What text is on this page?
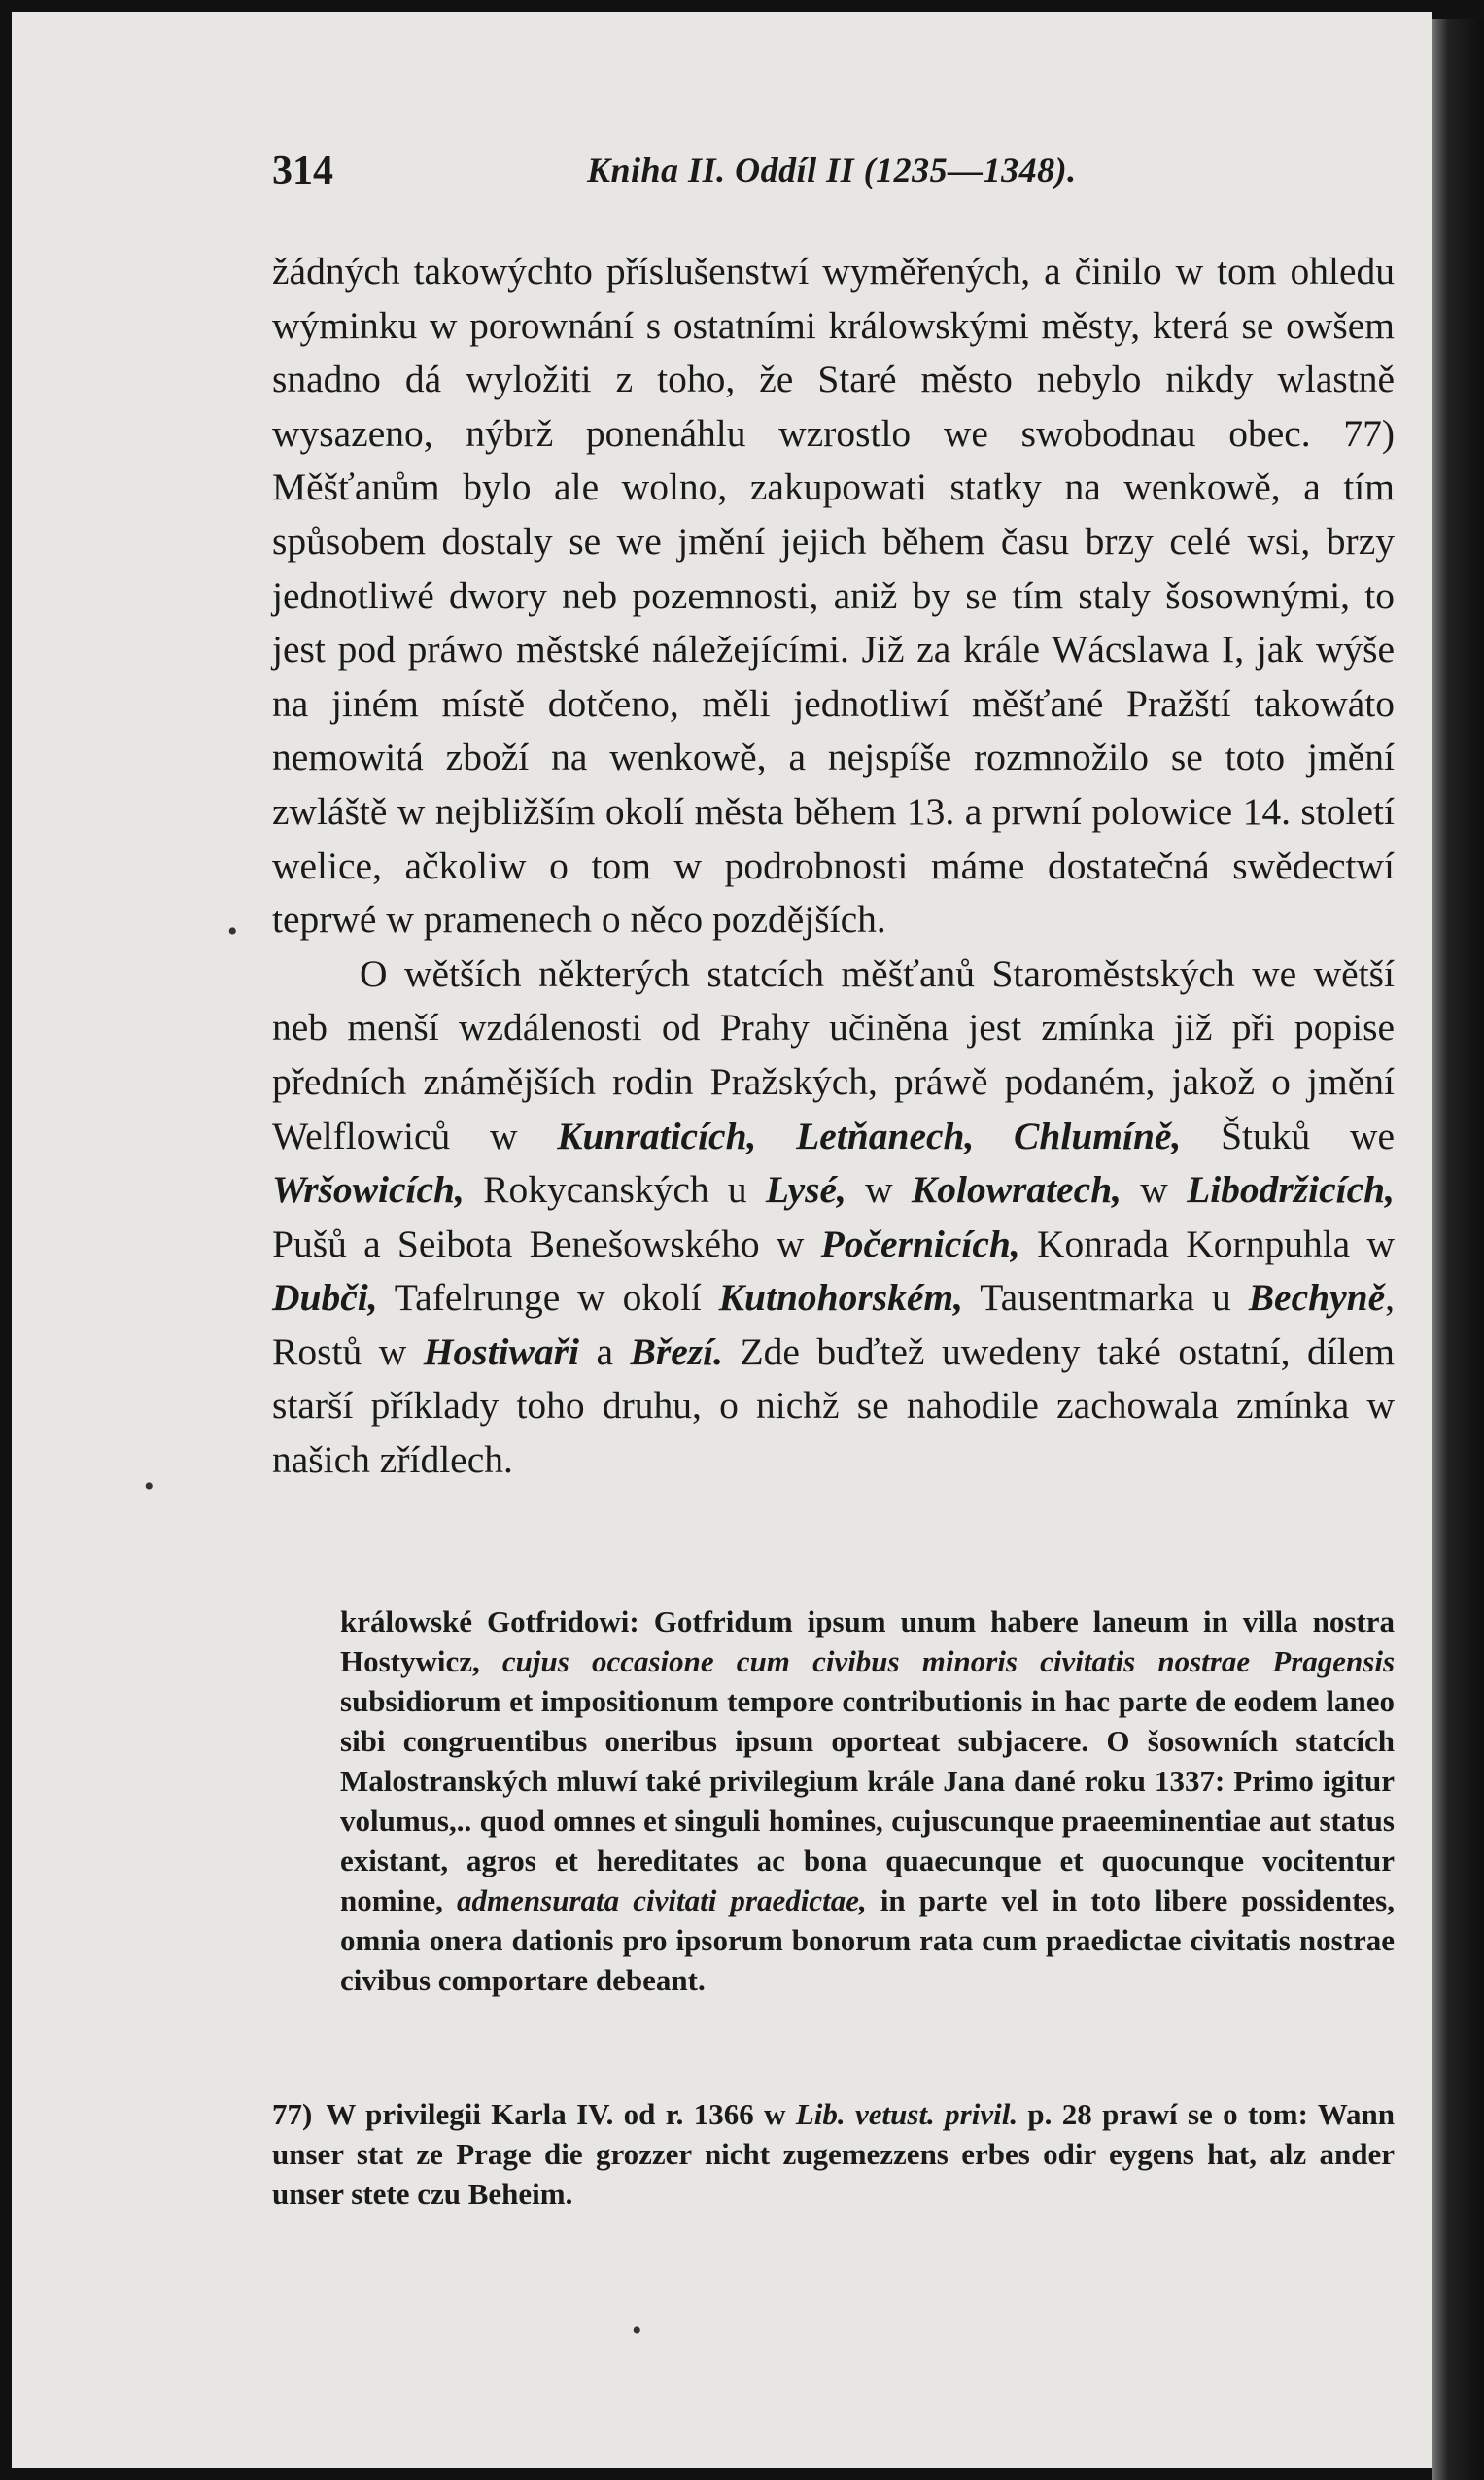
314	Kniha II. Oddíl II (1235—1348).

žádných takowýchto příslušenstwí wyměřených, a činilo w tom ohledu wýminku w porownání s ostatními králowskými městy, která se owšem snadno dá wyložiti z toho, že Staré město nebylo nikdy wlastně wysazeno, nýbrž ponenáhlu wzrostlo we swobodnau obec. 77) Měšťanům bylo ale wolno, zakupowati statky na wenkowě, a tím spůsobem dostaly se we jmění jejich během času brzy celé wsi, brzy jednotliwé dwory neb pozemnosti, aniž by se tím staly šosownými, to jest pod práwo městské náležejícími. Již za krále Wácslawa I, jak wýše na jiném místě dotčeno, měli jednotliwí měšťané Pražští takowáto nemowitá zboží na wenkowě, a nejspíše rozmnožilo se toto jmění zwláště w nejbližším okolí města během 13. a prwní polowice 14. století welice, ačkoliw o tom w podrobnosti máme dostatečná swědectwí teprwé w pramenech o něco pozdějších.

O wětších některých statcích měšťanů Staroměstských we wětší neb menší wzdálenosti od Prahy učiněna jest zmínka již při popise předních známějších rodin Pražských, práwě podaném, jakož o jmění Welflowiců w Kunraticích, Letňanech, Chlumíně, Štuků we Wršowicích, Rokycanských u Lysé, w Kolowratech, w Libodržicích, Pušů a Seibota Benešowského w Počernicích, Konrada Kornpuhla w Dubči, Tafelrunge w okolí Kutnohorském, Tausentmarka u Bechyně, Rostů w Hostiwaři a Březí. Zde buďtež uwedeny také ostatní, dílem starší příklady toho druhu, o nichž se nahodile zachowala zmínka w našich zřídlech.

králowské Gotfridowi: Gotfridum ipsum unum habere laneum in villa nostra Hostywicz, cujus occasione cum civibus minoris civitatis nostrae Pragensis subsidiorum et impositionum tempore contributionis in hac parte de eodem laneo sibi congruentibus oneribus ipsum oporteat subjacere. O šosowních statcích Malostranských mluwí také privilegium krále Jana dané roku 1337: Primo igitur volumus,.. quod omnes et singuli homines, cujuscunque praeeminentiae aut status existant, agros et hereditates ac bona quaecunque et quocunque vocitentur nomine, admensurata civitati praedictae, in parte vel in toto libere possidentes, omnia onera dationis pro ipsorum bonorum rata cum praedictae civitatis nostrae civibus comportare debeant.

77) W privilegii Karla IV. od r. 1366 w Lib. vetust. privil. p. 28 prawí se o tom: Wann unser stat ze Prage die grozzer nicht zugemezzens erbes odir eygens hat, alz ander unser stete czu Beheim.

•
•
•
